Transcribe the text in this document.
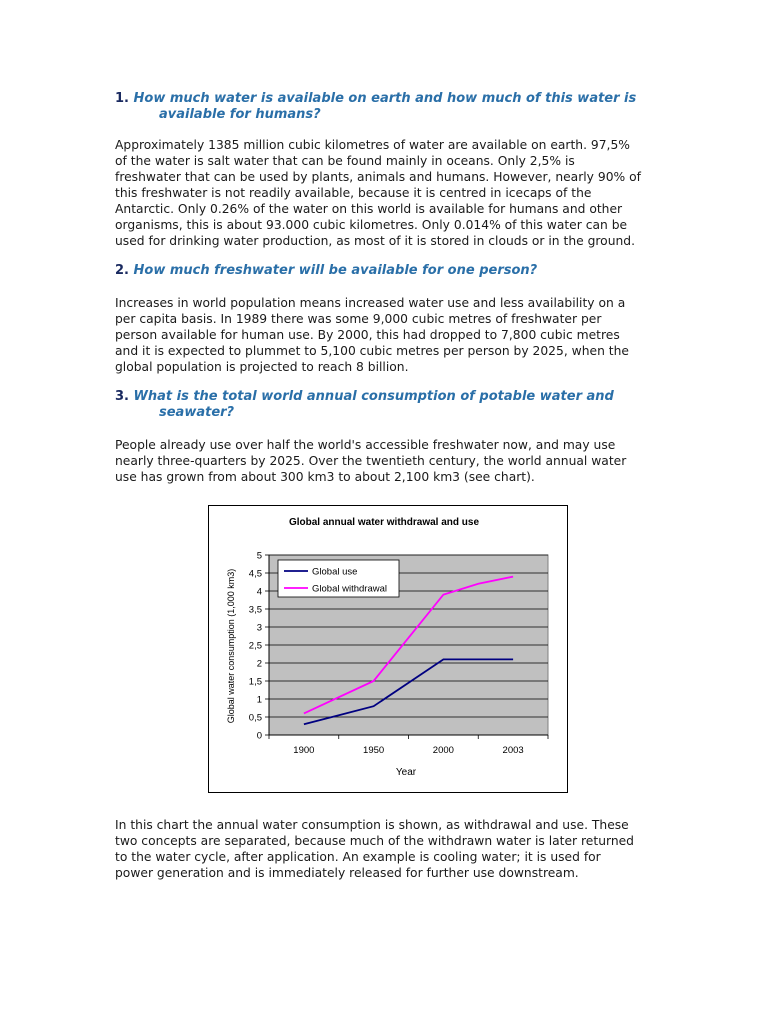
1. How much water is available on earth and how much of this water is
available for humans?
Approximately 1385 million cubic kilometres of water are available on earth. 97,5%
of the water is salt water that can be found mainly in oceans. Only 2,5% is
freshwater that can be used by plants, animals and humans. However, nearly 90% of
this freshwater is not readily available, because it is centred in icecaps of the
Antarctic. Only 0.26% of the water on this world is available for humans and other
organisms, this is about 93.000 cubic kilometres. Only 0.014% of this water can be
used for drinking water production, as most of it is stored in clouds or in the ground.
2. How much freshwater will be available for one person?
Increases in world population means increased water use and less availability on a
per capita basis. In 1989 there was some 9,000 cubic metres of freshwater per
person available for human use. By 2000, this had dropped to 7,800 cubic metres
and it is expected to plummet to 5,100 cubic metres per person by 2025, when the
global population is projected to reach 8 billion.
3. What is the total world annual consumption of potable water and
seawater?
People already use over half the world's accessible freshwater now, and may use
nearly three-quarters by 2025. Over the twentieth century, the world annual water
use has grown from about 300 km3 to about 2,100 km3 (see chart).
Global annual water withdrawal and use
0
0,5
1
1,5
2
2,5
3
3,5
4
4,5
5
1900	1950	2000	2003
Global use
Global withdrawal
Year
Global water consumption (1,000 km3)
In this chart the annual water consumption is shown, as withdrawal and use. These
two concepts are separated, because much of the withdrawn water is later returned
to the water cycle, after application. An example is cooling water; it is used for
power generation and is immediately released for further use downstream.
